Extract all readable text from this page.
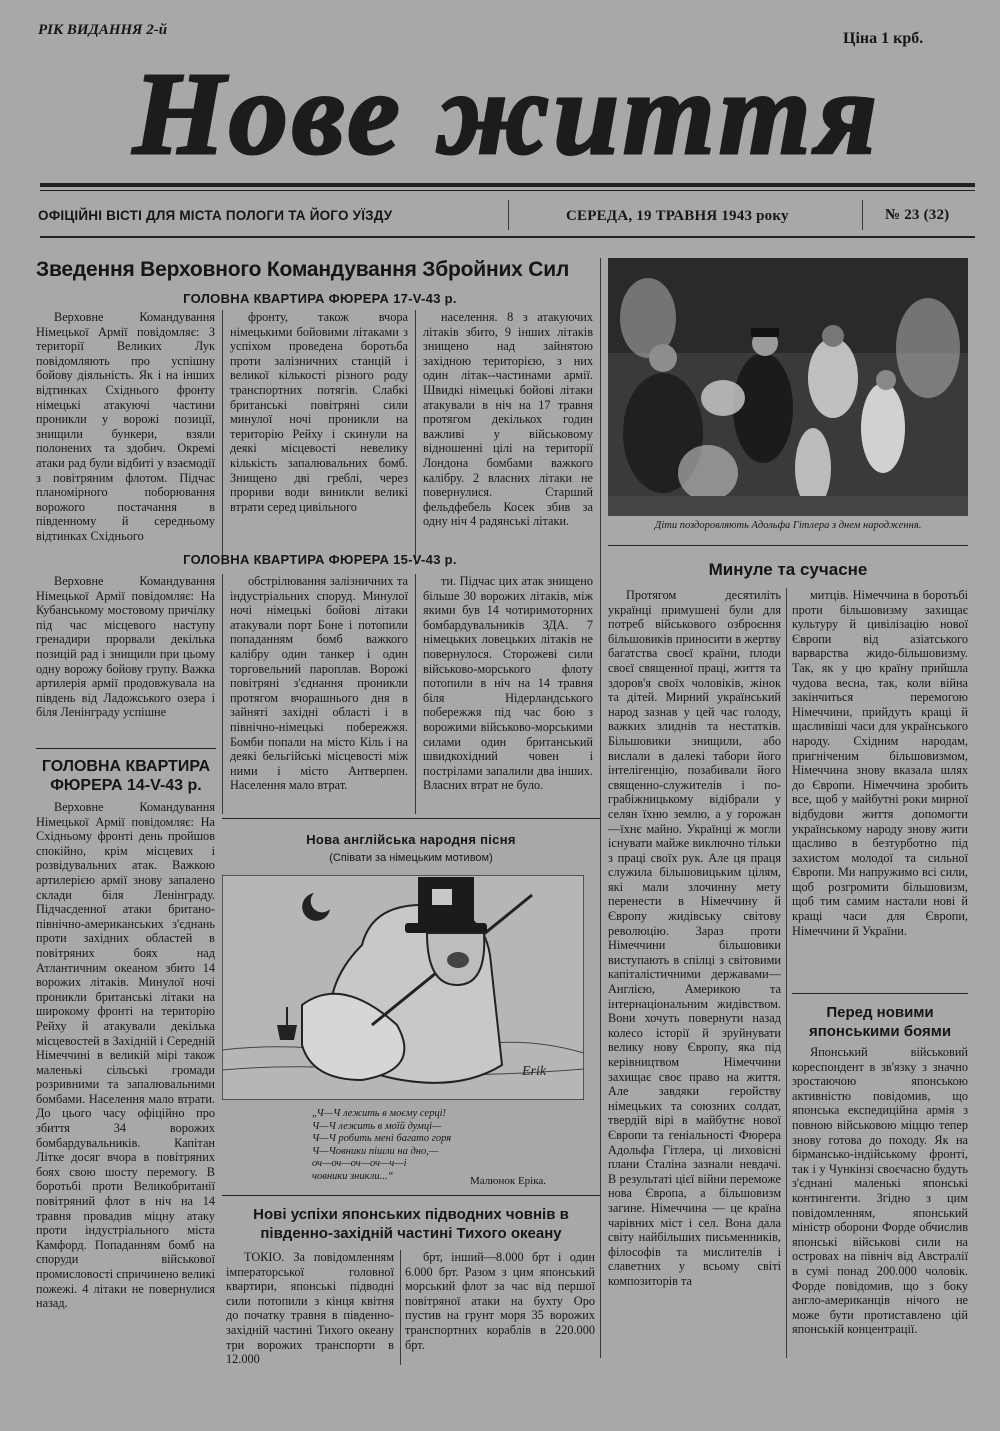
РІК ВИДАННЯ 2-й	Ціна 1 крб.
Нове життя
ОФІЦІЙНІ ВІСТІ ДЛЯ МІСТА ПОЛОГИ ТА ЙОГО УЇЗДУ	СЕРЕДА, 19 ТРАВНЯ 1943 року	№ 23 (32)
Зведення Верховного Командування Збройних Сил
ГОЛОВНА КВАРТИРА ФЮРЕРА 17-V-43 р.

Верховне Командування Німецької Армії повідомляє: З території Великих Лук повідомляють про успішну бойову діяльність. Як і на інших відтинках Східнього фронту німецькі атакуючі частини проникли у ворожі позиції, знищили бункери, взяли полонених та здобич. Окремі атаки рад були відбиті у взаємодії з повітряним флотом. Підчас планомірного поборювання ворожого постачання в південному й середньому відтинках Східнього

фронту, також вчора німецькими бойовими літаками з успіхом проведена боротьба проти залізничних станцій і великої кількості різного роду транспортних потягів. Слабкі британські повітряні сили минулої ночі проникли на територію Рейху і скинули на деякі місцевості невелику кількість запалювальних бомб. Знищено дві греблі, через прориви води виникли великі втрати серед цивільного

населення. 8 з атакуючих літаків збито, 9 інших літаків знищено над зайнятою західною територією, з них один літак--частинами армії. Швидкі німецькі бойові літаки атакували в ніч на 17 травня протягом декількох годин важливі у військовому відношенні цілі на території Лондона бомбами важкого калібру. 2 власних літаки не повернулися. Старший фельдфебель Косек збив за одну ніч 4 радянські літаки.

ГОЛОВНА КВАРТИРА ФЮРЕРА 15-V-43 р.

Верховне Командування Німецької Армії повідомляє: На Кубанському мостовому причілку під час місцевого наступу гренадири прорвали декілька позицій рад і знищили при цьому одну ворожу бойову групу. Важка артилерія армії продовжувала на південь від Ладожського озера і біля Ленінграду успішне

обстрілювання залізничних та індустріальних споруд. Минулої ночі німецькі бойові літаки атакували порт Боне і потопили попаданням бомб важкого калібру один танкер і один торговельний пароплав. Ворожі повітряні з'єднання проникли протягом вчорашнього дня в зайняті західні області і в північно-німецькі побережжя. Бомби попали на місто Кіль і на деякі бельгійські місцевості між ними і місто Антверпен. Населення мало втрат.

ти. Підчас цих атак знищено більше 30 ворожих літаків, між якими був 14 чотиримоторних бомбардувальників ЗДА. 7 німецьких ловецьких літаків не повернулося. Сторожеві сили військово-морського флоту потопили в ніч на 14 травня біля Нідерландського побережжя під час бою з ворожими військово-морськими силами один британський швидкохідний човен і пострілами запалили два інших. Власних втрат не було.

ГОЛОВНА КВАРТИРА ФЮРЕРА 14-V-43 р.

Верховне Командування Німецької Армії повідомляє: На Східньому фронті день пройшов спокійно, крім місцевих і розвідувальних атак. Важкою артилерією армії знову запалено склади біля Ленінграду. Підчасденної атаки британо-північно-американських з'єднань проти західних областей в повітряних боях над Атлантичним океаном збито 14 ворожих літаків. Минулої ночі проникли британські літаки на широкому фронті на територію Рейху й атакували декілька місцевостей в Західній і Середній Німеччині в великій мірі також маленькі сільські громади розривними та запалювальними бомбами. Населення мало втрати. До цього часу офіційно про збиття 34 ворожих бомбардувальників. Капітан Літке досяг вчора в повітряних боях свою шосту перемогу. В боротьбі проти Великобританії повітряний флот в ніч на 14 травня провадив міцну атаку проти індустріального міста Камфорд. Попаданням бомб на споруди військової промисловості спричинено великі пожежі. 4 літаки не повернулися назад.

Діти поздоровляють Адольфа Гітлера з днем народження.
Нова англійська народня пісня
(Співати за німецьким мотивом)
Erik
„Ч—Ч лежить в моєму серці!
Ч—Ч лежить в моїй думці—
Ч—Ч робить мені багато горя
Ч—Човники пішли на дно,—
оч—оч—оч—оч—ч—і
човники зникли...“	Малюнок Еріка.
Нові успіхи японських підводних човнів в південно-західній частині Тихого океану

ТОКІО. За повідомленням імператорської головної квартири, японські підводні сили потопили з кінця квітня до початку травня в південно-західній частині Тихого океану три ворожих транспорти в 12.000

брт, інший—8.000 брт і один 6.000 брт. Разом з цим японський морський флот за час від першої повітряної атаки на бухту Оро пустив на грунт моря 35 ворожих транспортних кораблів в 220.000 брт.

Минуле та сучасне

Протягом десятиліть українці примушені були для потреб військового озброєння більшовиків приносити в жертву багатства своєї країни, плоди своєї священної праці, життя та здоров'я своїх чоловіків, жінок та дітей. Мирний український народ зазнав у цей час голоду, важких злиднів та нестатків. Більшовики знищили, або вислали в далекі табори його інтелігенцію, позабивали його священно-служителів і по-грабіжницькому відібрали у селян їхню землю, а у горожан—їхнє майно. Українці ж могли існувати майже виключно тільки з праці своїх рук. Але ця праця служила більшовицьким цілям, які мали злочинну мету перенести в Німеччину й Європу жидівську світову революцію. Зараз проти Німеччини більшовики виступають в спілці з світовими капіталістичними державами—Англією, Америкою та інтернаціональним жидівством. Вони хочуть повернути назад колесо історії й зруйнувати велику нову Європу, яка під керівництвом Німеччини захищає своє право на життя. Але завдяки геройству німецьких та союзних солдат, твердій вірі в майбутнє нової Європи та геніальності Фюрера Адольфа Гітлера, ці лиховісні плани Сталіна зазнали невдачі. В результаті цієї війни переможе нова Європа, а більшовизм загине. Німеччина — це країна чарівних міст і сел. Вона дала світу найбільших письменників, філософів та мислителів і славетних у всьому світі композиторів та

митців. Німеччина в боротьбі проти більшовизму захищає культуру й цивілізацію нової Європи від азіатського варварства жидо-більшовизму. Так, як у цю країну прийшла чудова весна, так, коли війна закінчиться перемогою Німеччини, прийдуть кращі й щасливіші часи для українського народу. Східним народам, пригніченим більшовизмом, Німеччина знову вказала шлях до Європи. Німеччина зробить все, щоб у майбутні роки мирної відбудови життя допомогти українському народу знову жити щасливо в безтурботно під захистом молодої та сильної Європи. Ми напружимо всі сили, щоб розгромити більшовизм, щоб тим самим настали нові й кращі часи для Європи, Німеччини й України.

Перед новими японськими боями

Японський військовий кореспондент в зв'язку з значно зростаючою японською активністю повідомив, що японська експедиційна армія з повною військовою міццю тепер знову готова до походу. Як на бірмансько-індійському фронті, так і у Чункінзі своєчасно будуть з'єднані маленькі японські контингенти. Згідно з цим повідомленням, японський міністр оборони Форде обчислив японські військові сили на островах на північ від Австралії в сумі понад 200.000 чоловік. Форде повідомив, що з боку англо-американців нічого не може бути протиставлено цій японській концентрації.
